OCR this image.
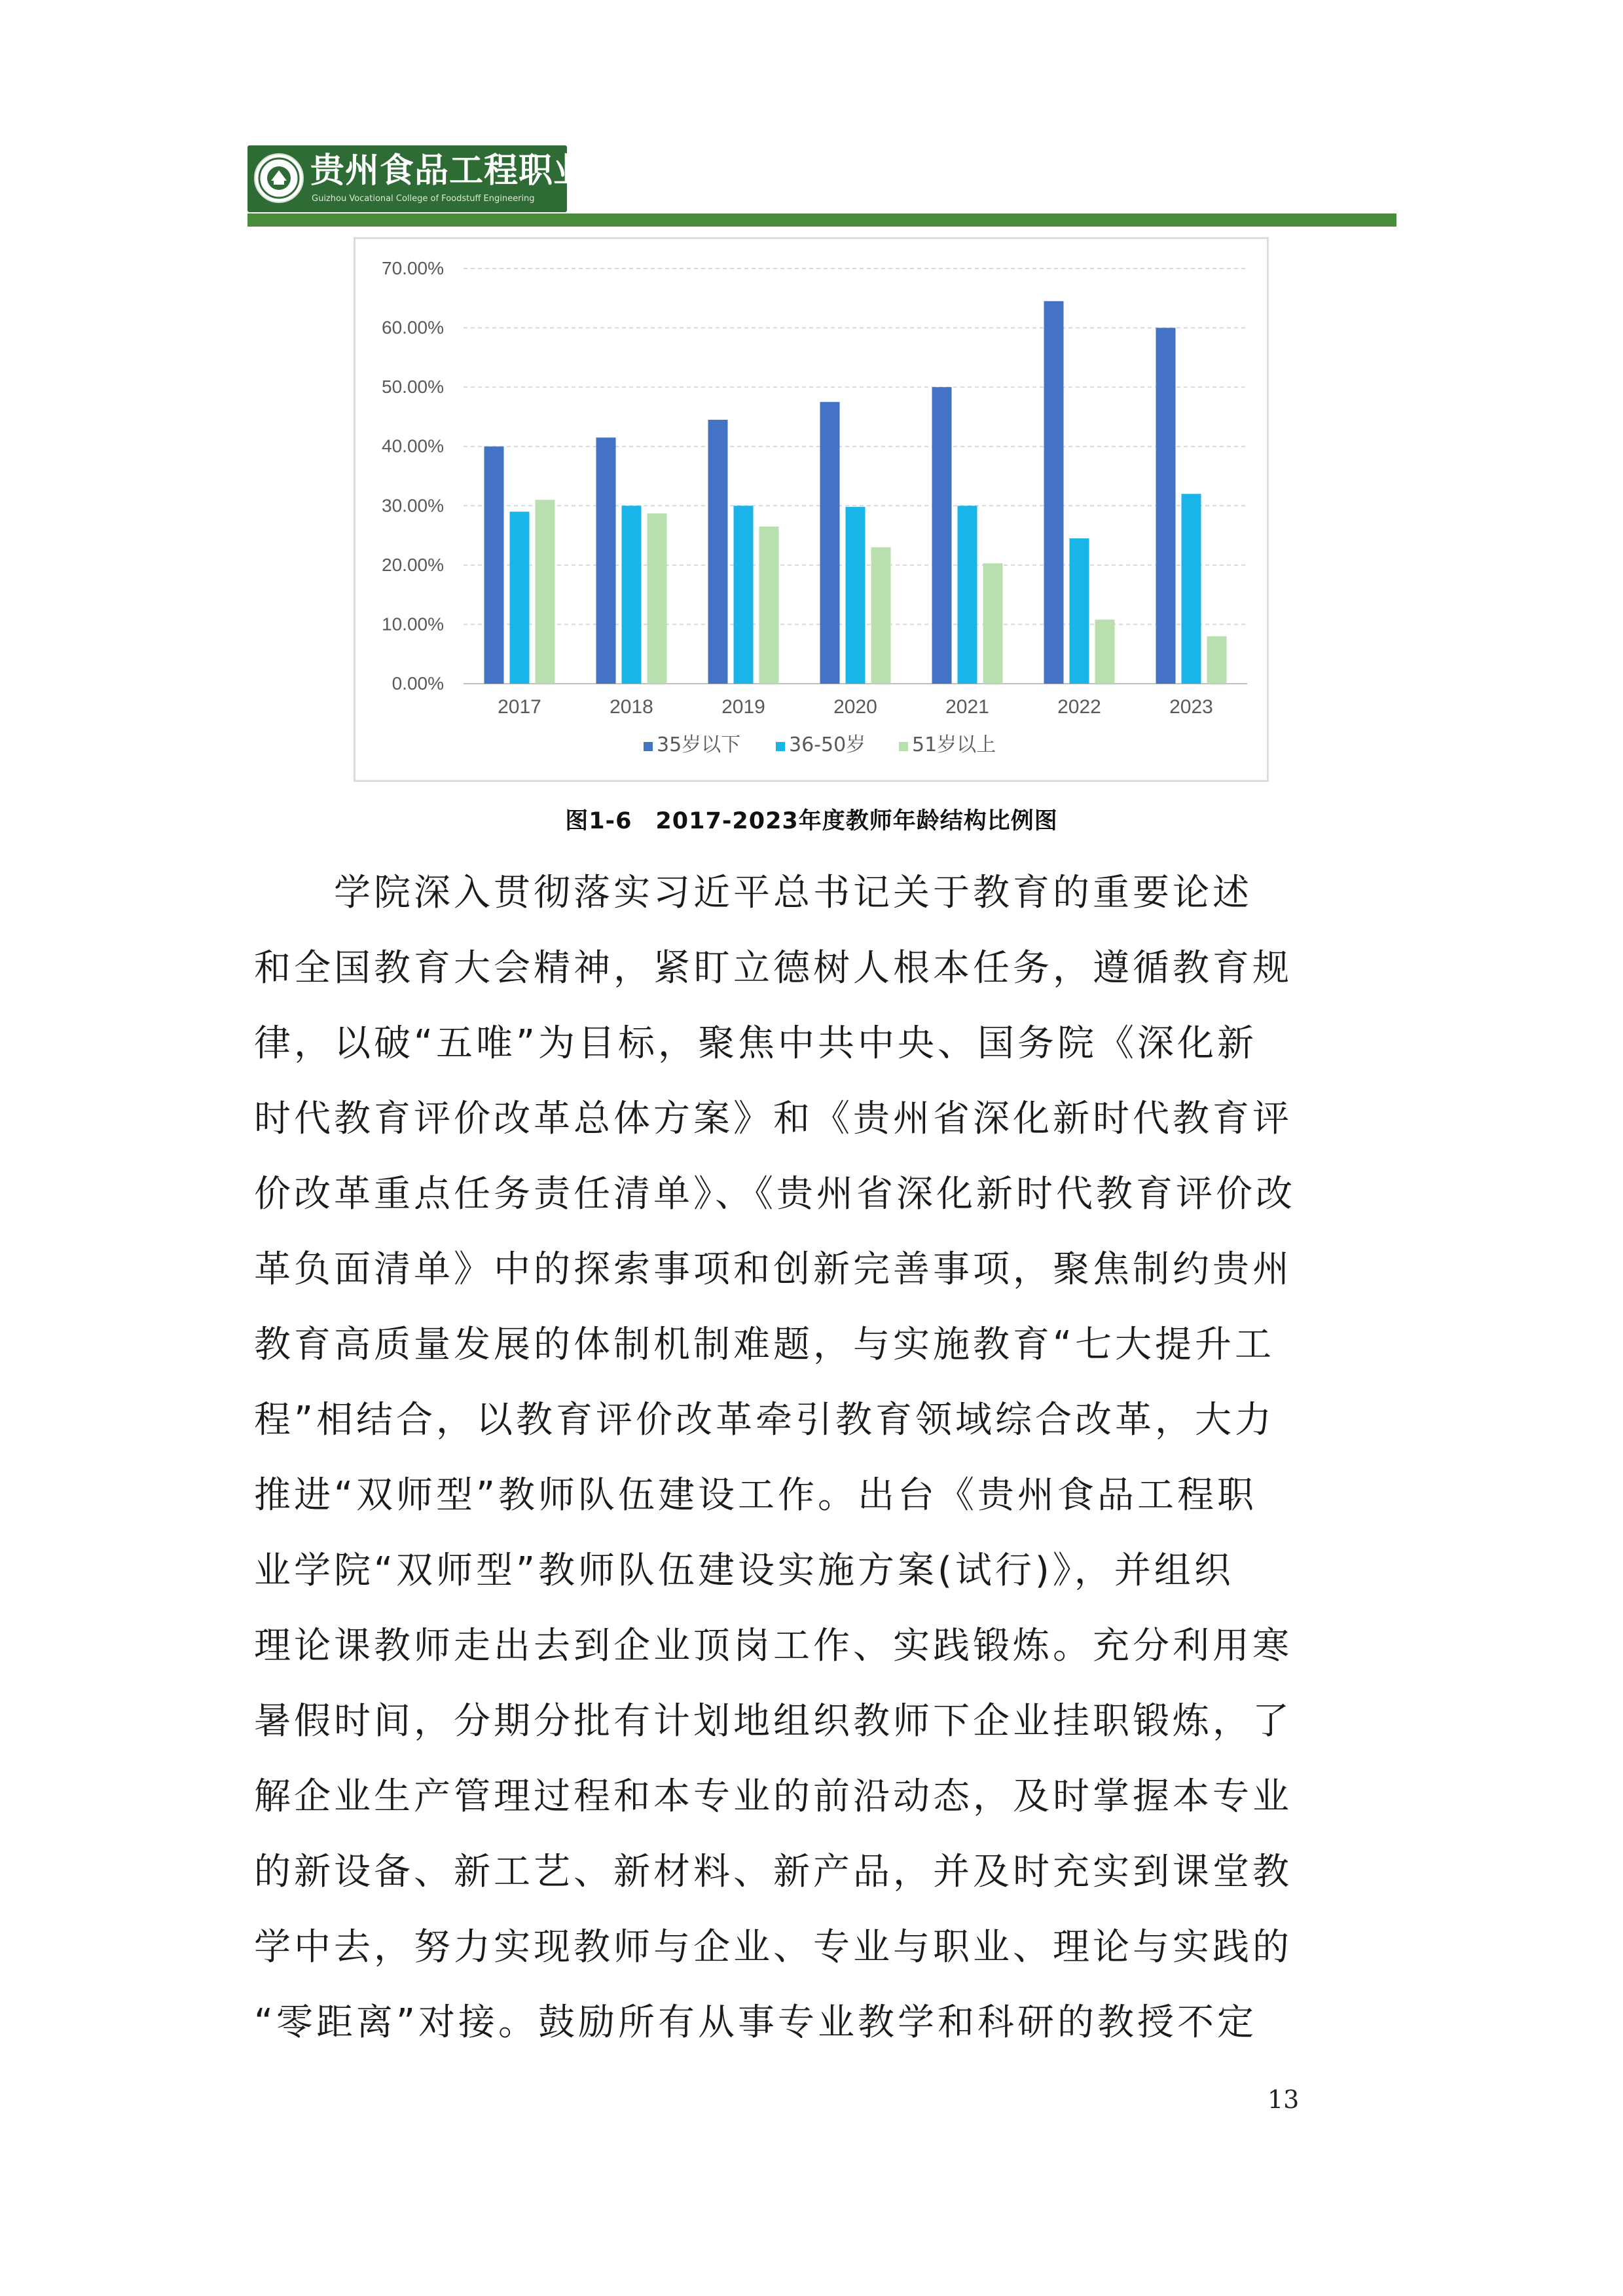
贵州食品工程职业学院
Guizhou Vocational College of Foodstuff Engineering
0.00%
10.00%
20.00%
30.00%
40.00%
50.00%
60.00%
70.00%
2017	2018	2019	2020	2021	2022	2023
35岁以下 36-50岁 51岁以上
图1-6　2017-2023年度教师年龄结构比例图
　　学院深入贯彻落实习近平总书记关于教育的重要论述
和全国教育大会精神，紧盯立德树人根本任务，遵循教育规
律，以破“五唯”为目标，聚焦中共中央、国务院《深化新
时代教育评价改革总体方案》和《贵州省深化新时代教育评
价改革重点任务责任清单》、《贵州省深化新时代教育评价改
革负面清单》中的探索事项和创新完善事项，聚焦制约贵州
教育高质量发展的体制机制难题，与实施教育“七大提升工
程”相结合，以教育评价改革牵引教育领域综合改革，大力
推进“双师型”教师队伍建设工作。出台《贵州食品工程职
业学院“双师型”教师队伍建设实施方案(试行)》，并组织
理论课教师走出去到企业顶岗工作、实践锻炼。充分利用寒
暑假时间，分期分批有计划地组织教师下企业挂职锻炼，了
解企业生产管理过程和本专业的前沿动态，及时掌握本专业
的新设备、新工艺、新材料、新产品，并及时充实到课堂教
学中去，努力实现教师与企业、专业与职业、理论与实践的
“零距离”对接。鼓励所有从事专业教学和科研的教授不定
13
